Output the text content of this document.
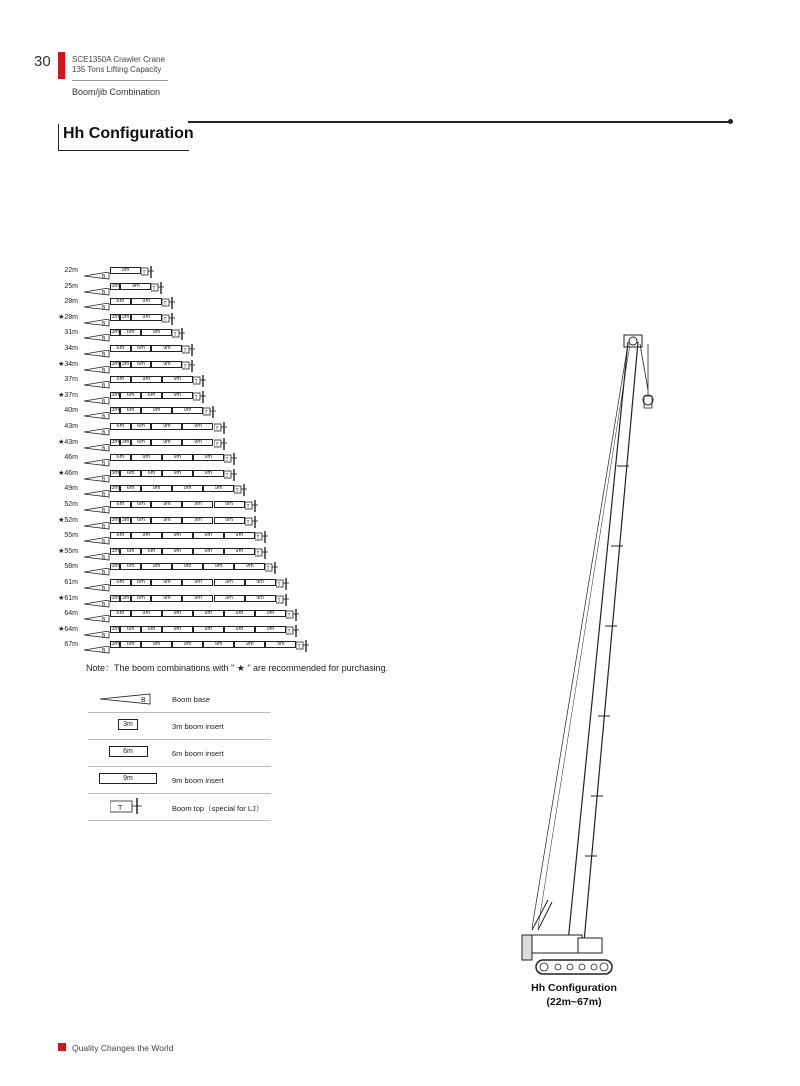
30	SCE1350A Crawler Crane
135 Tons Lifting Capacity
Boom/jib Combination
Hh Configuration
22m
B
9m	T
25m
B
3m	9m	T
28m
B
6m	9m	T
★28m
B
3m 3m	9m	T
31m
B
3m	6m	9m	T
34m
B
6m	6m	9m	T
★34m
B
3m 3m	6m	9m	T
37m
B
6m	9m	9m	T
★37m
B
3m	6m	6m	9m	T
40m
B
3m	6m	9m	9m	T
43m
B
6m	6m	9m	9m	T
★43m
B
3m 3m	6m	9m	9m	T
46m
B
6m	9m	9m	9m	T
★46m
B
3m	6m	6m	9m	9m	T
49m
B
3m	6m	9m	9m	9m	T
52m
B
6m	6m	9m	9m	9m	T
★52m
B
3m 3m	6m	9m	9m	9m	T
55m
B
6m	9m	9m	9m	9m	T
★55m
B
3m	6m	6m	9m	9m	9m	T
58m
B
3m	6m	9m	9m	9m	9m	T
61m
B
6m	6m	9m	9m	9m	9m	T
★61m
B
3m 3m	6m	9m	9m	9m	9m	T
64m
B
6m	9m	9m	9m	9m	9m	T
★64m
B
3m	6m	6m	9m	9m	9m	9m	T
67m
B
3m	6m	9m	9m	9m	9m	9m	T
Note：The boom combinations with " ★ " are recommended for purchasing.
B	Boom base
3m	3m boom insert
6m	6m boom insert
9m	9m boom insert
T	Boom top（special for LJ）
Hh Configuration
(22m~67m)
Quality Changes the World
